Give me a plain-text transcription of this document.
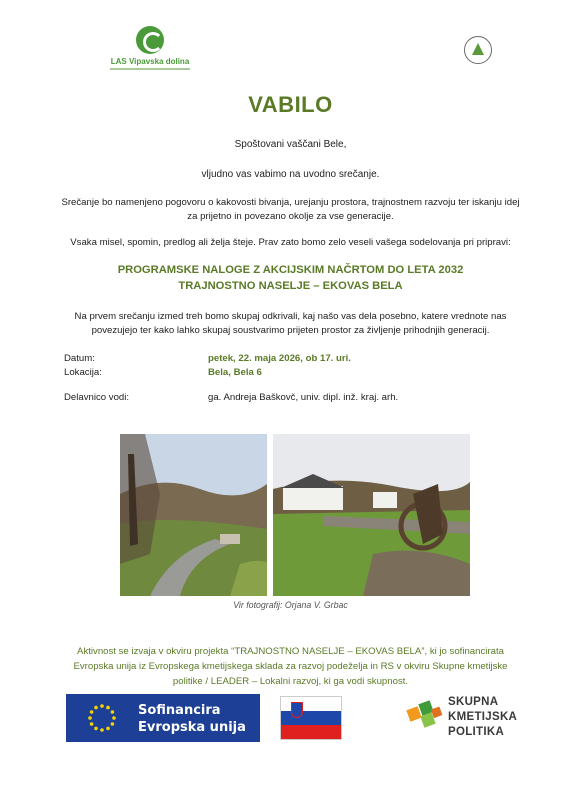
LAS Vipavska dolina
VABILO
Spoštovani vaščani Bele,
vljudno vas vabimo na uvodno srečanje.
Srečanje bo namenjeno pogovoru o kakovosti bivanja, urejanju prostora, trajnostnem razvoju ter iskanju idej za prijetno in povezano okolje za vse generacije.
Vsaka misel, spomin, predlog ali želja šteje. Prav zato bomo zelo veseli vašega sodelovanja pri pripravi:
PROGRAMSKE NALOGE Z AKCIJSKIM NAČRTOM DO LETA 2032
TRAJNOSTNO NASELJE – EKOVAS BELA
Na prvem srečanju izmed treh bomo skupaj odkrivali, kaj našo vas dela posebno, katere vrednote nas povezujejo ter kako lahko skupaj soustvarimo prijeten prostor za življenje prihodnjih generacij.
Datum:	petek, 22. maja 2026, ob 17. uri.
Lokacija:	Bela, Bela 6
Delavnico vodi:	ga. Andreja Baškovč, univ. dipl. inž. kraj. arh.
Vir fotografij: Orjana V. Grbac
Aktivnost se izvaja v okviru projekta “TRAJNOSTNO NASELJE – EKOVAS BELA”, ki jo sofinancirata Evropska unija iz Evropskega kmetijskega sklada za razvoj podeželja in RS v okviru Skupne kmetijske politike / LEADER – Lokalni razvoj, ki ga vodi skupnost.
Sofinancira
Evropska unija
SKUPNA
KMETIJSKA
POLITIKA
